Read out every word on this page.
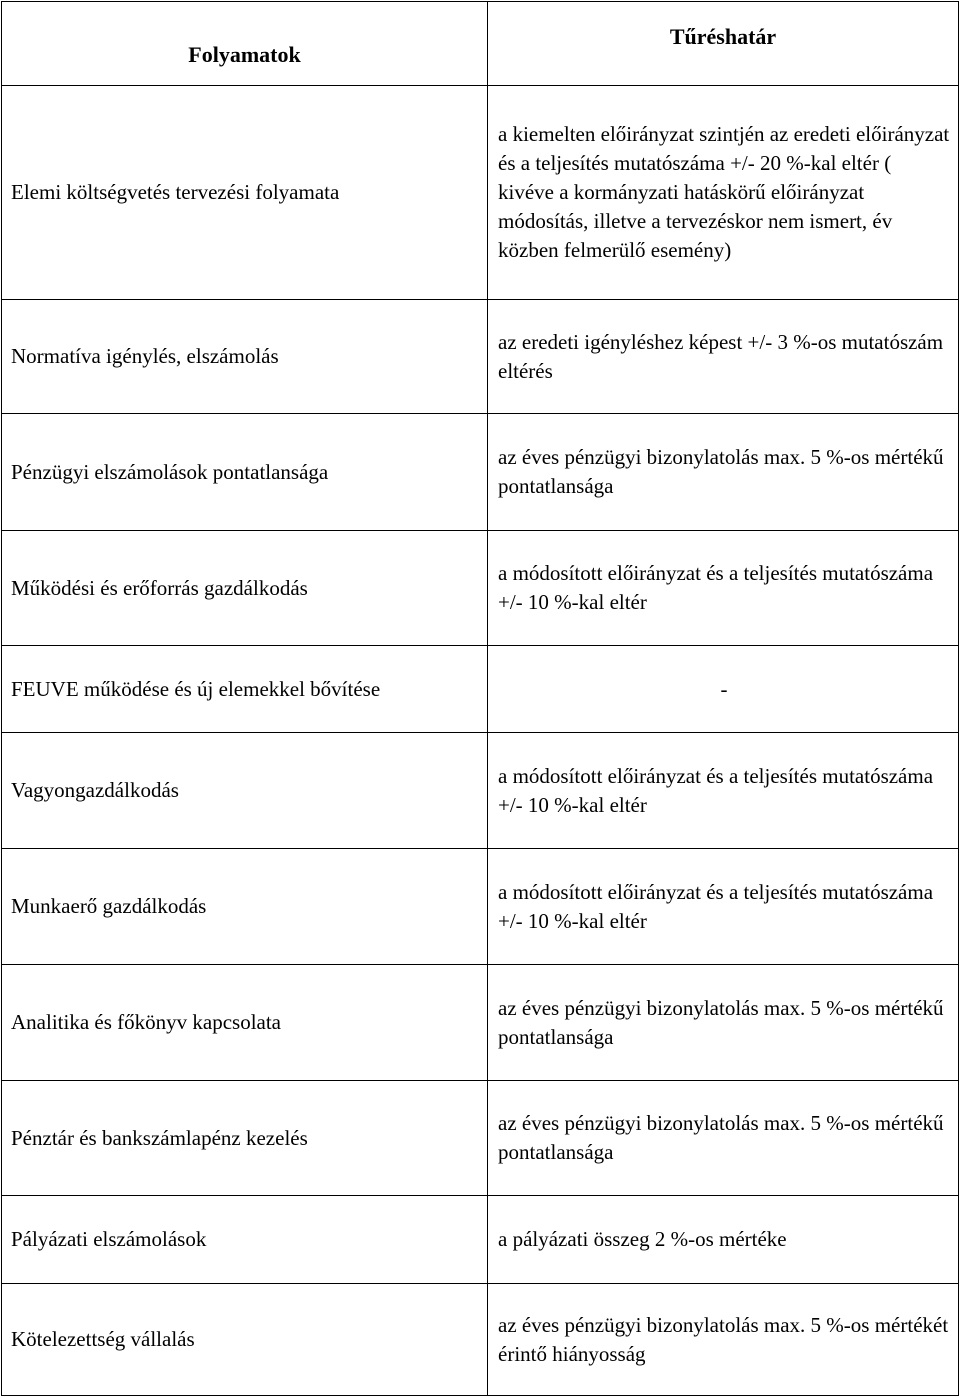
Folyamatok	Tűréshatár
Elemi költségvetés tervezési folyamata	a kiemelten előirányzat szintjén az eredeti előirányzat és a teljesítés mutatószáma +/- 20 %-kal eltér ( kivéve a kormányzati hatáskörű előirányzat módosítás, illetve a tervezéskor nem ismert, év közben felmerülő esemény)
Normatíva igénylés, elszámolás	az eredeti igényléshez képest +/- 3 %-os mutatószám eltérés
Pénzügyi elszámolások pontatlansága	az éves pénzügyi bizonylatolás max. 5 %-os mértékű pontatlansága
Működési és erőforrás gazdálkodás	a módosított előirányzat és a teljesítés mutatószáma +/- 10 %-kal eltér
FEUVE működése és új elemekkel bővítése	-
Vagyongazdálkodás	a módosított előirányzat és a teljesítés mutatószáma +/- 10 %-kal eltér
Munkaerő gazdálkodás	a módosított előirányzat és a teljesítés mutatószáma +/- 10 %-kal eltér
Analitika és főkönyv kapcsolata	az éves pénzügyi bizonylatolás max. 5 %-os mértékű pontatlansága
Pénztár és bankszámlapénz kezelés	az éves pénzügyi bizonylatolás max. 5 %-os mértékű pontatlansága
Pályázati elszámolások	a pályázati összeg 2 %-os mértéke
Kötelezettség vállalás	az éves pénzügyi bizonylatolás max. 5 %-os mértékét érintő hiányosság
